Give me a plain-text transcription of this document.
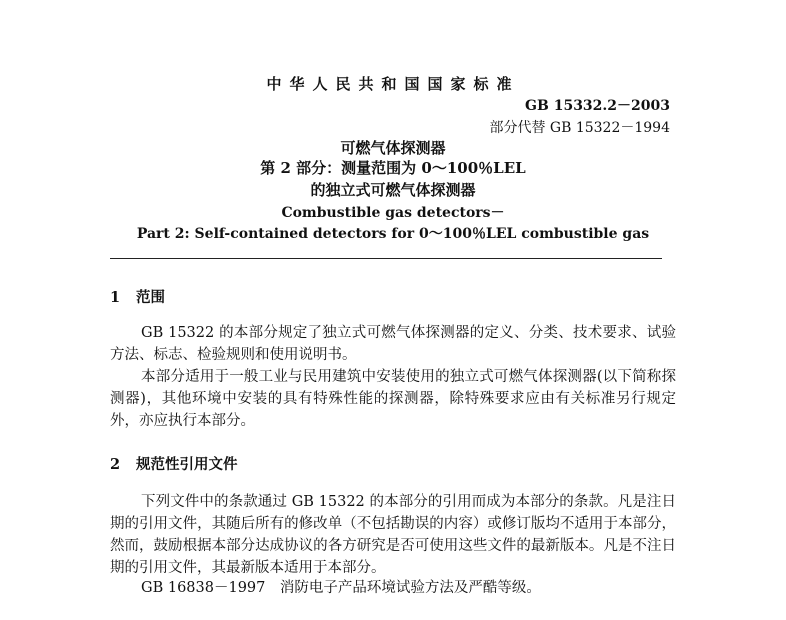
中华人民共和国国家标准
GB 15332.2－2003
部分代替 GB 15322－1994
可燃气体探测器
第 2 部分：测量范围为 0～100％LEL
的独立式可燃气体探测器
Combustible gas detectors－
Part 2: Self-contained detectors for 0～100％LEL combustible gas
1 范围
GB 15322 的本部分规定了独立式可燃气体探测器的定义、分类、技术要求、试验方法、标志、检验规则和使用说明书。
本部分适用于一般工业与民用建筑中安装使用的独立式可燃气体探测器(以下简称探测器)，其他环境中安装的具有特殊性能的探测器，除特殊要求应由有关标准另行规定外，亦应执行本部分。
2 规范性引用文件
下列文件中的条款通过 GB 15322 的本部分的引用而成为本部分的条款。凡是注日期的引用文件，其随后所有的修改单（不包括勘误的内容）或修订版均不适用于本部分，然而，鼓励根据本部分达成协议的各方研究是否可使用这些文件的最新版本。凡是不注日期的引用文件，其最新版本适用于本部分。
GB 16838－1997　消防电子产品环境试验方法及严酷等级。
